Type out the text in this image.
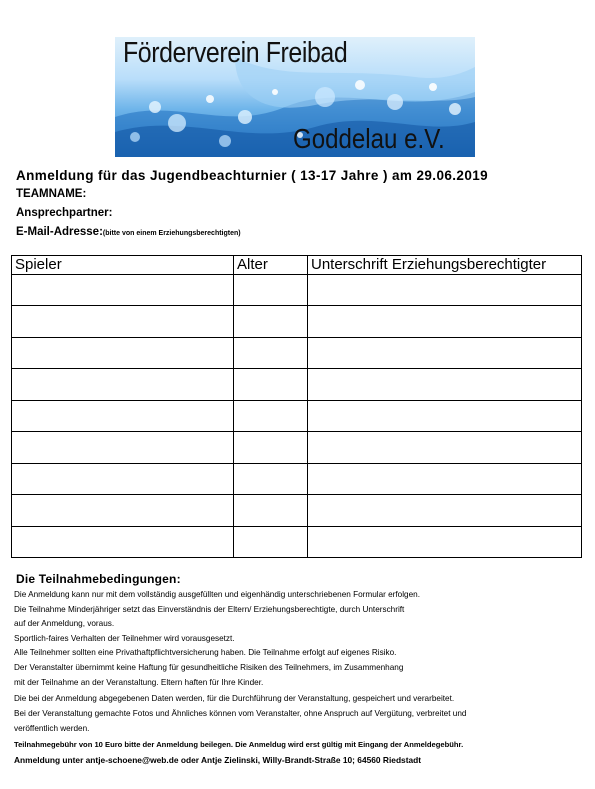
Förderverein Freibad
Goddelau e.V.
Anmeldung für das Jugendbeachturnier ( 13-17 Jahre ) am 29.06.2019
TEAMNAME:
Ansprechpartner:
E-Mail-Adresse:(bitte von einem Erziehungsberechtigten)
Spieler	Alter	Unterschrift Erziehungsberechtigter

Die Teilnahmebedingungen:
Die Anmeldung kann nur mit dem vollständig ausgefüllten und eigenhändig unterschriebenen Formular erfolgen.
Die Teilnahme Minderjähriger setzt das Einverständnis der Eltern/ Erziehungsberechtigte, durch Unterschrift
auf der Anmeldung, voraus.
Sportlich-faires Verhalten der Teilnehmer wird vorausgesetzt.
Alle Teilnehmer sollten eine Privathaftpflichtversicherung haben. Die Teilnahme erfolgt auf eigenes Risiko.
Der Veranstalter übernimmt keine Haftung für gesundheitliche Risiken des Teilnehmers, im Zusammenhang
mit der Teilnahme an der Veranstaltung. Eltern haften für Ihre Kinder.
Die bei der Anmeldung abgegebenen Daten werden, für die Durchführung der Veranstaltung, gespeichert und verarbeitet.
Bei der Veranstaltung gemachte Fotos und Ähnliches können vom Veranstalter, ohne Anspruch auf Vergütung, verbreitet und
veröffentlich werden.
Teilnahmegebühr von 10 Euro bitte der Anmeldung beilegen. Die Anmeldug wird erst gültig mit Eingang der Anmeldegebühr.
Anmeldung unter antje-schoene@web.de oder Antje Zielinski, Willy-Brandt-Straße 10; 64560 Riedstadt
